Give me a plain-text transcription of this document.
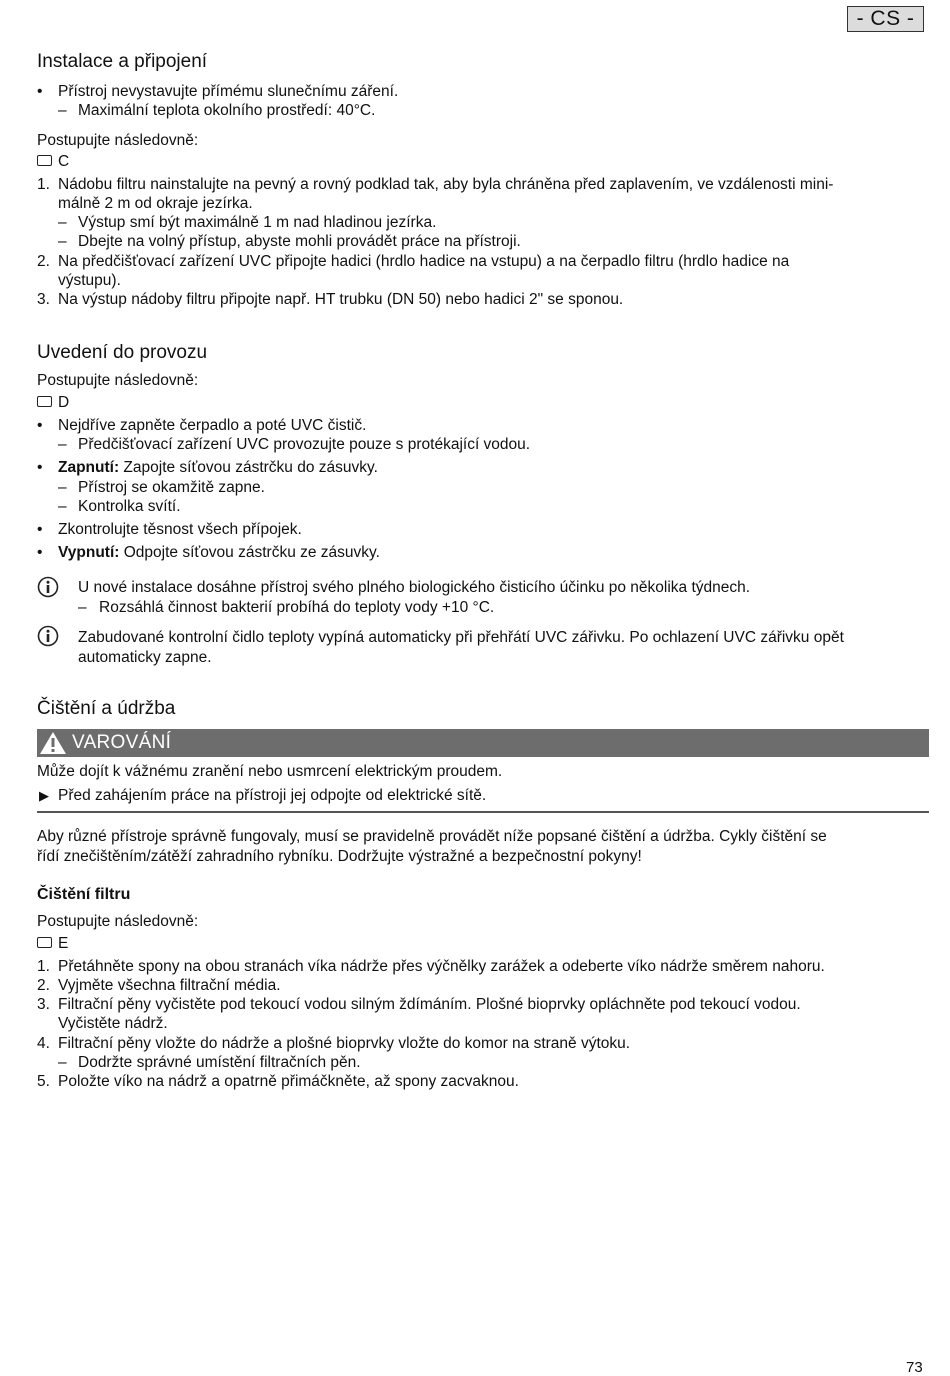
- CS -
Instalace a připojení
• Přístroj nevystavujte přímému slunečnímu záření.
– Maximální teplota okolního prostředí: 40°C.
Postupujte následovně:
C
1. Nádobu filtru nainstalujte na pevný a rovný podklad tak, aby byla chráněna před zaplavením, ve vzdálenosti mini-
málně 2 m od okraje jezírka.
– Výstup smí být maximálně 1 m nad hladinou jezírka.
– Dbejte na volný přístup, abyste mohli provádět práce na přístroji.
2. Na předčišťovací zařízení UVC připojte hadici (hrdlo hadice na vstupu) a na čerpadlo filtru (hrdlo hadice na
výstupu).
3. Na výstup nádoby filtru připojte např. HT trubku (DN 50) nebo hadici 2" se sponou.
Uvedení do provozu
Postupujte následovně:
D
• Nejdříve zapněte čerpadlo a poté UVC čistič.
– Předčišťovací zařízení UVC provozujte pouze s protékající vodou.
• Zapnutí: Zapojte síťovou zástrčku do zásuvky.
– Přístroj se okamžitě zapne.
– Kontrolka svítí.
• Zkontrolujte těsnost všech přípojek.
• Vypnutí: Odpojte síťovou zástrčku ze zásuvky.
U nové instalace dosáhne přístroj svého plného biologického čisticího účinku po několika týdnech.
– Rozsáhlá činnost bakterií probíhá do teploty vody +10 °C.
Zabudované kontrolní čidlo teploty vypíná automaticky při přehřátí UVC zářivku. Po ochlazení UVC zářivku opět
automaticky zapne.
Čištění a údržba
VAROVÁNÍ
Může dojít k vážnému zranění nebo usmrcení elektrickým proudem.
▶ Před zahájením práce na přístroji jej odpojte od elektrické sítě.
Aby různé přístroje správně fungovaly, musí se pravidelně provádět níže popsané čištění a údržba. Cykly čištění se
řídí znečištěním/zátěží zahradního rybníku. Dodržujte výstražné a bezpečnostní pokyny!
Čištění filtru
Postupujte následovně:
E
1. Přetáhněte spony na obou stranách víka nádrže přes výčnělky zarážek a odeberte víko nádrže směrem nahoru.
2. Vyjměte všechna filtrační média.
3. Filtrační pěny vyčistěte pod tekoucí vodou silným ždímáním. Plošné bioprvky opláchněte pod tekoucí vodou.
Vyčistěte nádrž.
4. Filtrační pěny vložte do nádrže a plošné bioprvky vložte do komor na straně výtoku.
– Dodržte správné umístění filtračních pěn.
5. Položte víko na nádrž a opatrně přimáčkněte, až spony zacvaknou.
73
